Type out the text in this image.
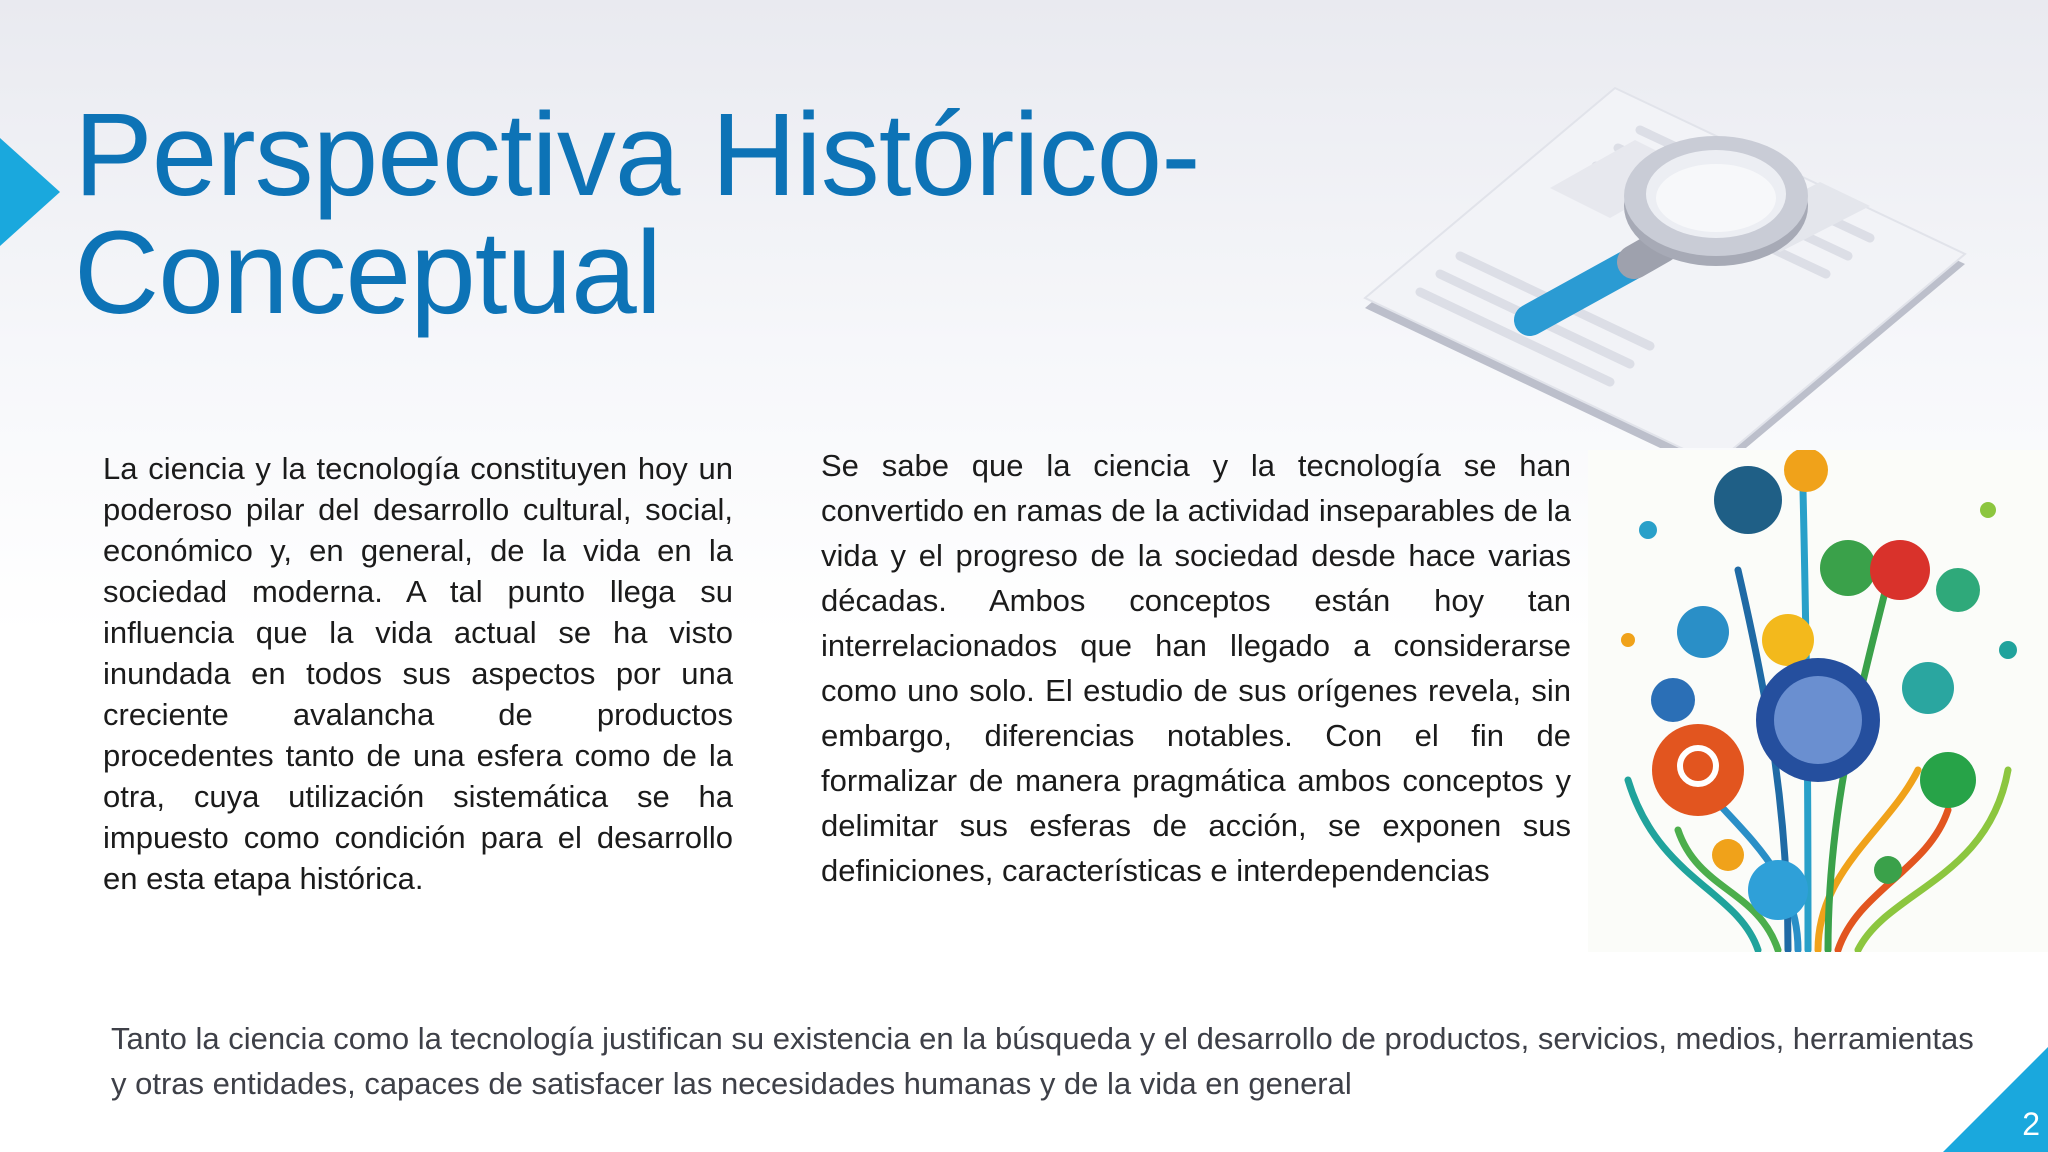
Perspectiva Histórico-
Conceptual

La ciencia y la tecnología constituyen hoy un poderoso pilar del desarrollo cultural, social, económico y, en general, de la vida en la sociedad moderna. A tal punto llega su influencia que la vida actual se ha visto inundada en todos sus aspectos por una creciente avalancha de productos procedentes tanto de una esfera como de la otra, cuya utilización sistemática se ha impuesto como condición para el desarrollo en esta etapa histórica.

Se sabe que la ciencia y la tecnología se han convertido en ramas de la actividad inseparables de la vida y el progreso de la sociedad desde hace varias décadas. Ambos conceptos están hoy tan interrelacionados que han llegado a considerarse como uno solo. El estudio de sus orígenes revela, sin embargo, diferencias notables. Con el fin de formalizar de manera pragmática ambos conceptos y delimitar sus esferas de acción, se exponen sus definiciones, características e interdependencias

Tanto la ciencia como la tecnología justifican su existencia en la búsqueda y el desarrollo de productos, servicios, medios, herramientas y otras entidades, capaces de satisfacer las necesidades humanas y de la vida en general

2
